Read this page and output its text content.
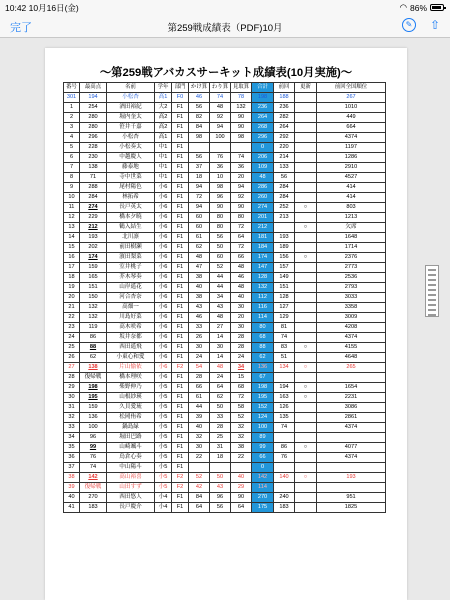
10:42 10月16日(金)	◠ 86%
完了	第259戦成績表（PDF)10月	✎	⇧
～第259戦アバカスサーキット成績表(10月実施)～
番号	最高点	名前	学年	部門	かけ算	わり算	見取算	合計	前回	更新	前回全国順位
301	194	小松杏	高1	F0	46	74	78	198	188		267
1	254	酒田裕紀	大2	F1	56	48	132	236	236		1010
2	280	堀内奎太	高2	F1	82	92	90	264	282		449
3	280	笹井千嘉	高2	F1	84	94	90	268	264		664
4	296	小松杏	高1	F1	98	100	98	296	292		4374
5	228	小松奏太	中1	F1				0	220		1197
6	230	中越慶人	中1	F1	56	76	74	206	214		1286
7	138	藤泰地	中1	F1	37	36	36	109	133		2910
8	71	寺中世菜	中1	F1	18	10	20	48	56		4527
9	288	尾村陽色	小6	F1	94	98	94	286	284		414
10	284	林拓希	小6	F1	72	96	92	260	284		414
11	274	長戸英太	小6	F1	94	90	90	274	252	○	803
12	229	橋本夕暁	小6	F1	60	80	80	201	213		1213
13	212	鶴入結生	小6	F1	60	80	72	212		○	欠席
14	193	北川凛	小6	F1	61	56	64	181	193		1648
15	202	前田樹瀬	小6	F1	62	50	72	184	189		1714
16	174	濱田梨菜	小6	F1	48	60	66	174	156	○	2376
17	159	室井桃子	小6	F1	47	52	48	147	157		2773
18	165	芥木琴奏	小6	F1	38	44	46	128	149		2536
19	151	山岸遥花	小6	F1	40	44	48	132	151		2793
20	150	河合杏奈	小6	F1	38	34	40	112	128		3033
21	132	高畑一	小6	F1	43	43	30	116	127		3358
22	132	川島好菜	小6	F1	46	48	20	114	129		3009
23	119	高木咲希	小6	F1	33	27	30	80	81		4208
24	86	坂井奈都	小6	F1	26	14	28	68	74		4374
25	88	西田遥飛	小6	F1	30	30	28	88	83	○	4155
26	62	小東心和愛	小6	F1	24	14	24	62	51		4648
27	138	片山愉依	小6	F2	54	48	34	136	134	○	265
28	復帰戦	橋本理咲	小6	F1	28	24	15	67			
29	198	柴野伸乃	小5	F1	66	64	68	198	194	○	1654
30	195	山根紗瑛	小5	F1	61	62	72	195	163	○	2231
31	159	久貝愛琉	小5	F1	44	50	58	152	126		3086
32	136	松岡侑希	小5	F1	39	33	52	124	135		2861
33	100	鍋島緑	小5	F1	40	28	32	100	74		4374
34	96	堀田巴路	小5	F1	32	25	32	89			
35	99	山崎颯斗	小5	F1	30	31	38	99	86	○	4077
36	76	鳥倉心奏	小5	F1	22	18	22	66	76		4374
37	74	中山陽斗	小5	F1				0			
38	142	高山裕喜	小5	F2	52	50	40	142	140	○	193
39	復帰戦	山田すず	小5	F2	42	43	29	114			
40	270	西田悠人	小4	F1	84	96	90	270	240		951
41	183	長戸慶介	小4	F1	64	56	64	175	183		1825
